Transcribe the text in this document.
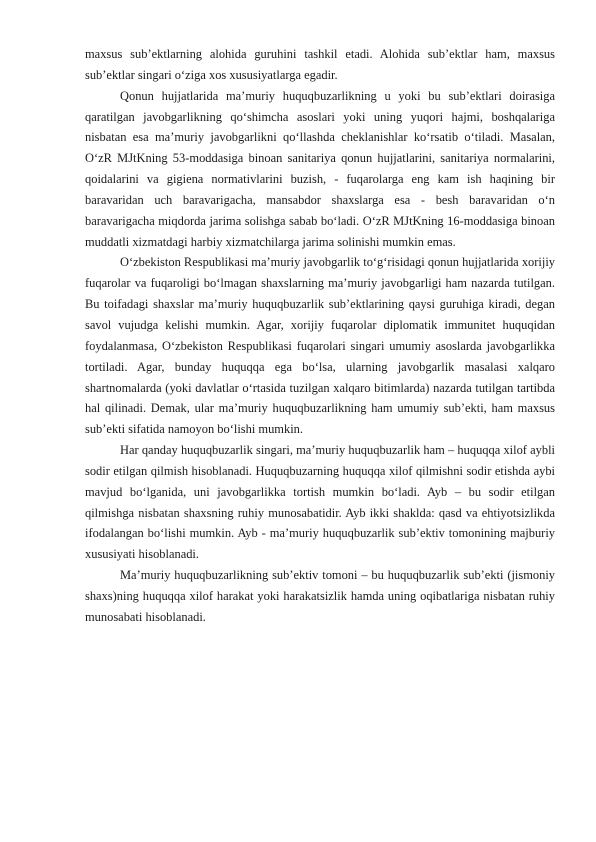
maxsus sub’ektlarning alohida guruhini tashkil etadi. Alohida sub’ektlar ham, maxsus sub’ektlar singari o‘ziga xos xususiyatlarga egadir.

Qonun hujjatlarida ma’muriy huquqbuzarlikning u yoki bu sub’ektlari doirasiga qaratilgan javobgarlikning qo‘shimcha asoslari yoki uning yuqori hajmi, boshqalariga nisbatan esa ma’muriy javobgarlikni qo‘llashda cheklanishlar ko‘rsatib o‘tiladi. Masalan, O‘zR MJtKning 53-moddasiga binoan sanitariya qonun hujjatlarini, sanitariya normalarini, qoidalarini va gigiena normativlarini buzish, - fuqarolarga eng kam ish haqining bir baravaridan uch baravarigacha, mansabdor shaxslarga esa - besh baravaridan o‘n baravarigacha miqdorda jarima solishga sabab bo‘ladi. O‘zR MJtKning 16-moddasiga binoan muddatli xizmatdagi harbiy xizmatchilarga jarima solinishi mumkin emas.

O‘zbekiston Respublikasi ma’muriy javobgarlik to‘g‘risidagi qonun hujjatlarida xorijiy fuqarolar va fuqaroligi bo‘lmagan shaxslarning ma’muriy javobgarligi ham nazarda tutilgan. Bu toifadagi shaxslar ma’muriy huquqbuzarlik sub’ektlarining qaysi guruhiga kiradi, degan savol vujudga kelishi mumkin. Agar, xorijiy fuqarolar diplomatik immunitet huquqidan foydalanmasa, O‘zbekiston Respublikasi fuqarolari singari umumiy asoslarda javobgarlikka tortiladi. Agar, bunday huquqqa ega bo‘lsa, ularning javobgarlik masalasi xalqaro shartnomalarda (yoki davlatlar o‘rtasida tuzilgan xalqaro bitimlarda) nazarda tutilgan tartibda hal qilinadi. Demak, ular ma’muriy huquqbuzarlikning ham umumiy sub’ekti, ham maxsus sub’ekti sifatida namoyon bo‘lishi mumkin.

Har qanday huquqbuzarlik singari, ma’muriy huquqbuzarlik ham – huquqqa xilof aybli sodir etilgan qilmish hisoblanadi. Huquqbuzarning huquqqa xilof qilmishni sodir etishda aybi mavjud bo‘lganida, uni javobgarlikka tortish mumkin bo‘ladi. Ayb – bu sodir etilgan qilmishga nisbatan shaxsning ruhiy munosabatidir. Ayb ikki shaklda: qasd va ehtiyotsizlikda ifodalangan bo‘lishi mumkin. Ayb - ma’muriy huquqbuzarlik sub’ektiv tomonining majburiy xususiyati hisoblanadi.

Ma’muriy huquqbuzarlikning sub’ektiv tomoni – bu huquqbuzarlik sub’ekti (jismoniy shaxs)ning huquqqa xilof harakat yoki harakatsizlik hamda uning oqibatlariga nisbatan ruhiy munosabati hisoblanadi.
